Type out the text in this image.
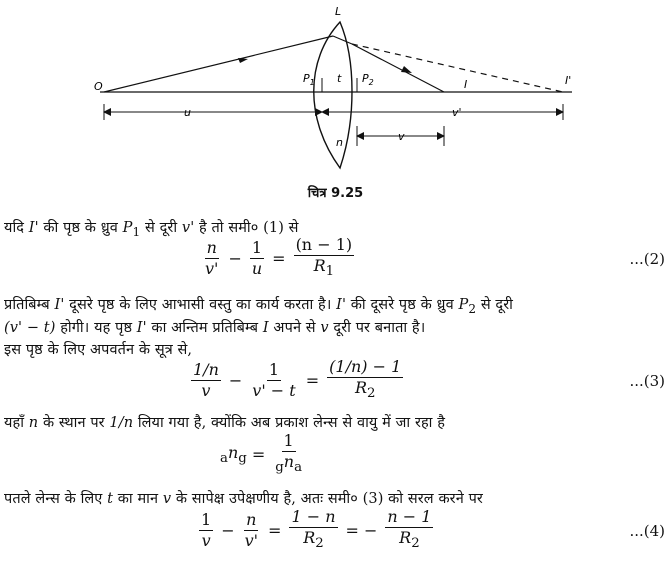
L
O
$P_1$ t $P_2$	I	I'
u	v'
v
n
चित्र 9.25
यदि I' की पृष्ठ के ध्रुव $P_1$ से दूरी v' है तो समी० (1) से
$\frac{n}{v'} - \frac{1}{u} = \frac{(n - 1)}{R_1}$	...(2)
प्रतिबिम्ब I' दूसरे पृष्ठ के लिए आभासी वस्तु का कार्य करता है। I' की दूसरे पृष्ठ के ध्रुव $P_2$ से दूरी
(v' − t) होगी। यह पृष्ठ I' का अन्तिम प्रतिबिम्ब I अपने से v दूरी पर बनाता है।
इस पृष्ठ के लिए अपवर्तन के सूत्र से,
$\frac{1/n}{v} - \frac{1}{v' - t} = \frac{(1/n) - 1}{R_2}$	...(3)
यहाँ n के स्थान पर 1/n लिया गया है, क्योंकि अब प्रकाश लेन्स से वायु में जा रहा है
$_an_g = \frac{1}{_gn_a}$
पतले लेन्स के लिए t का मान v के सापेक्ष उपेक्षणीय है, अतः समी० (3) को सरल करने पर
$\frac{1}{v} - \frac{n}{v'} = \frac{1 - n}{R_2}$ = − $\frac{n - 1}{R_2}$	...(4)
